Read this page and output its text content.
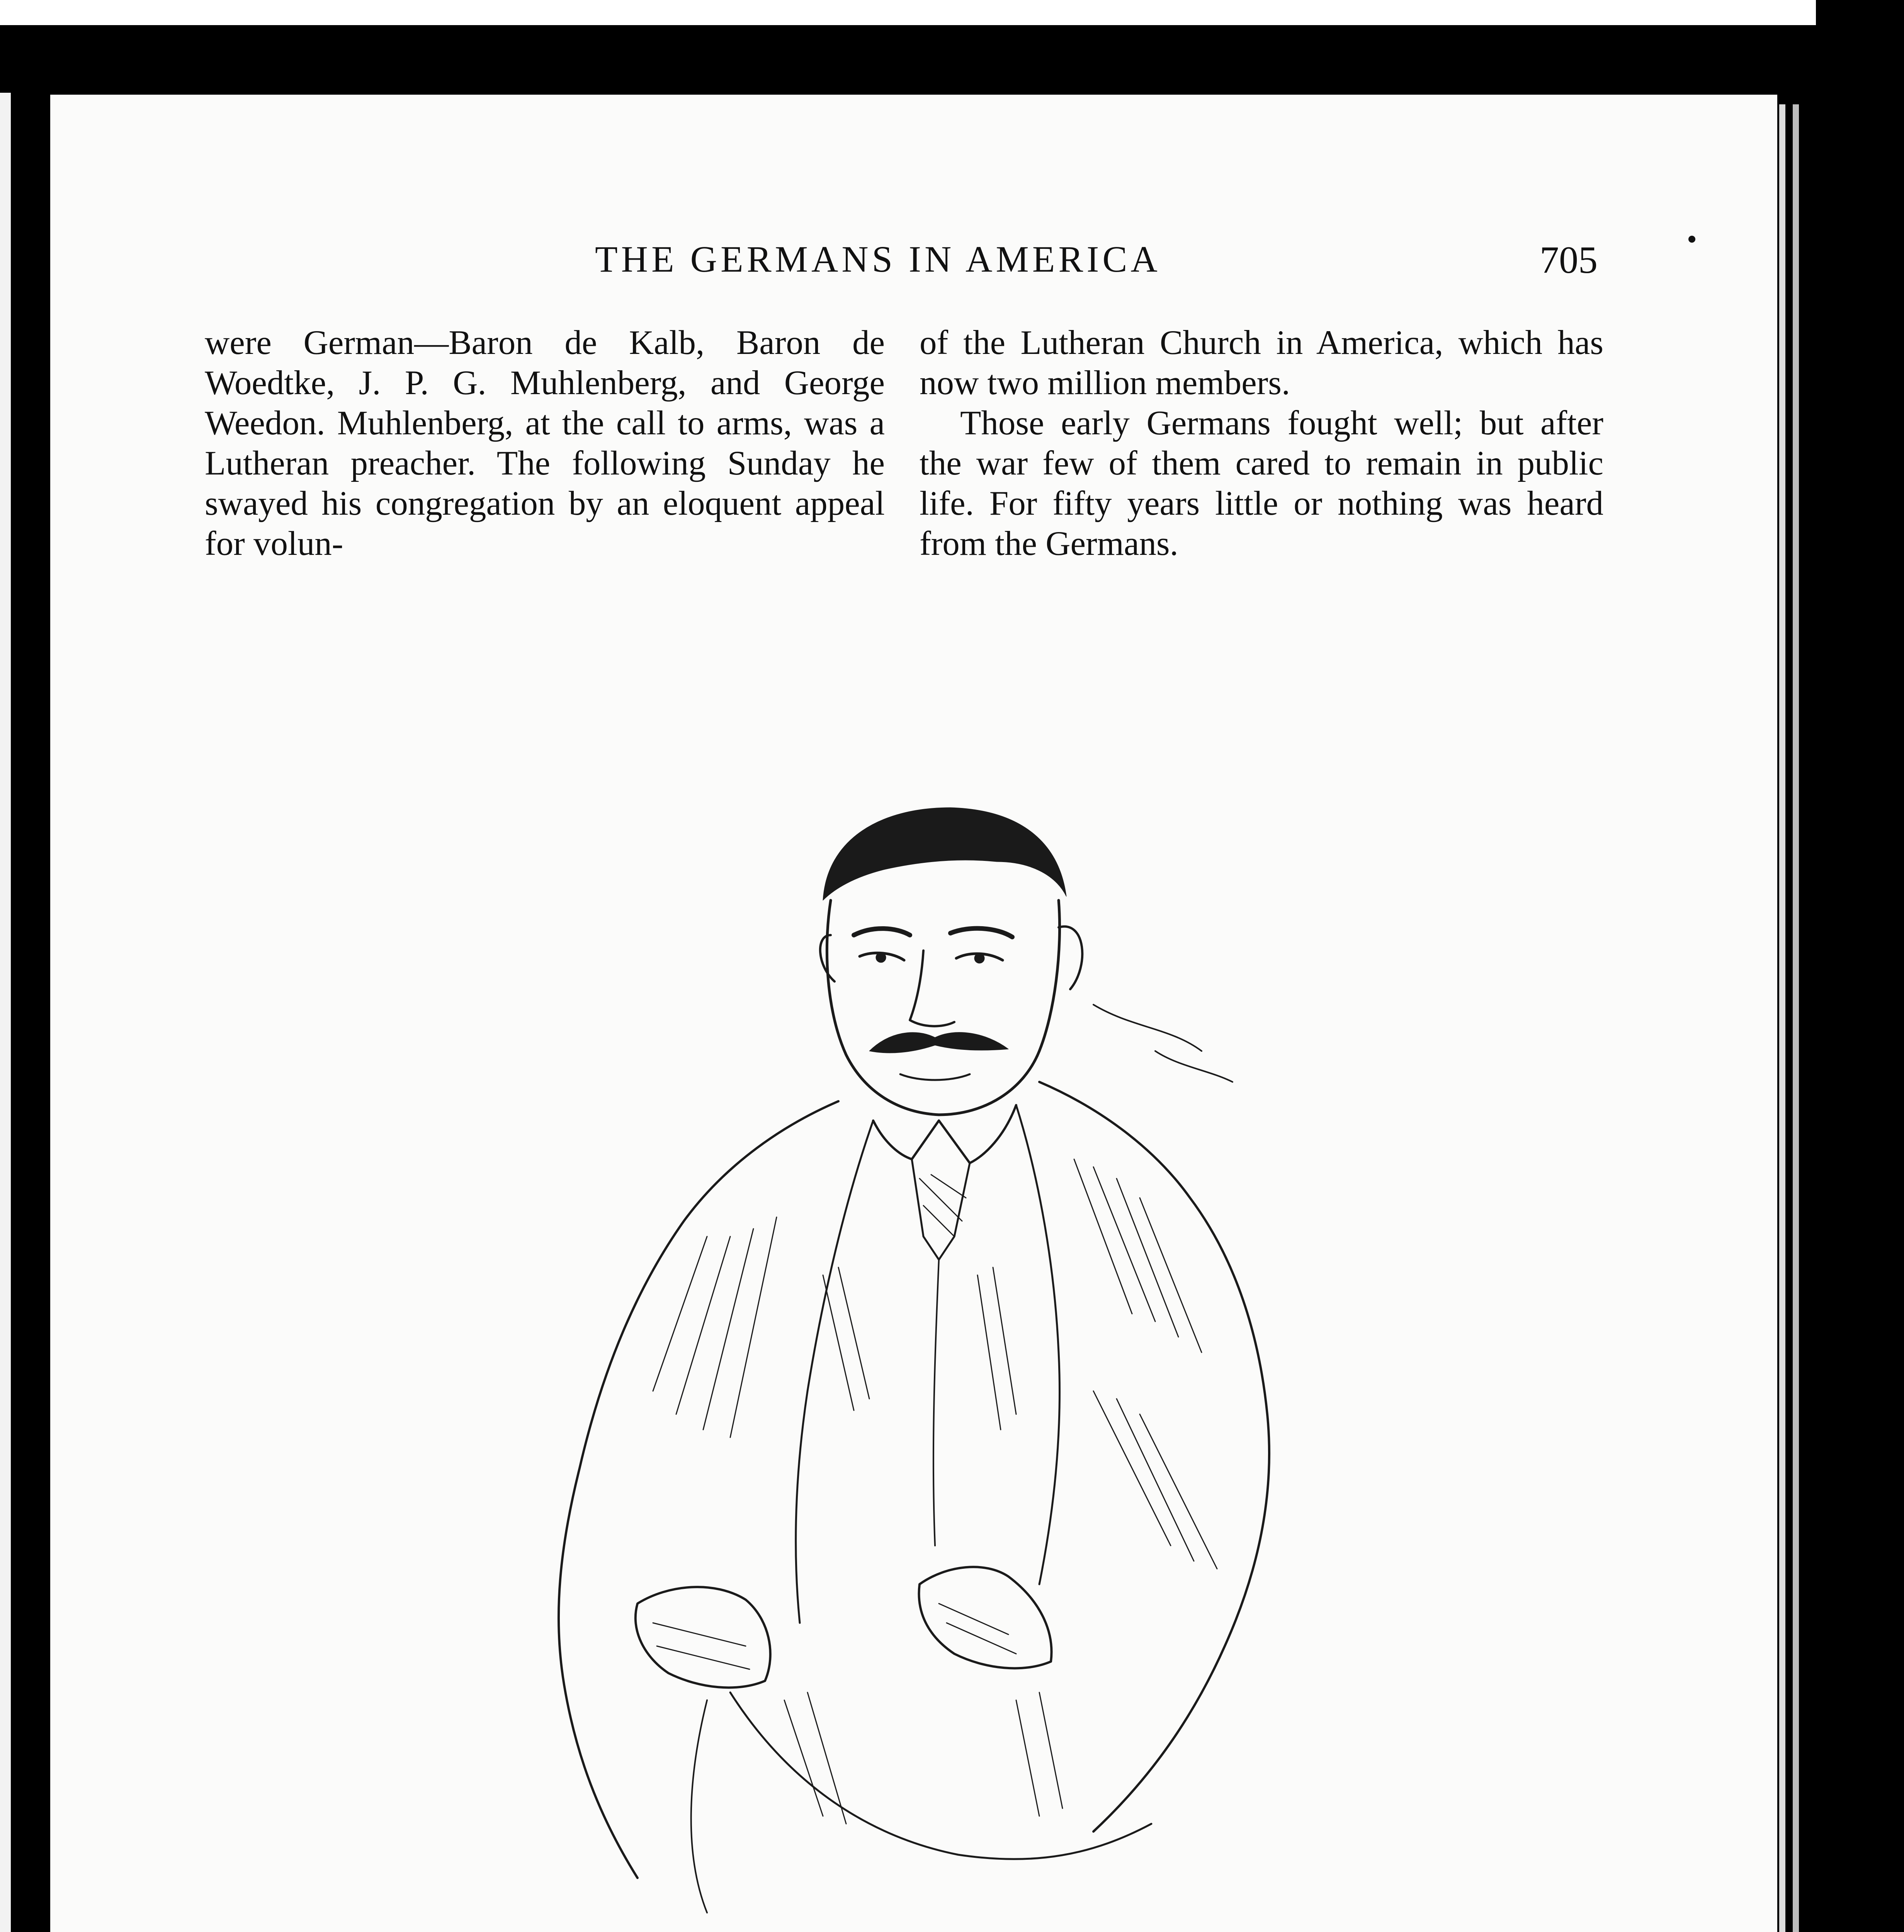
THE GERMANS IN AMERICA	705

were German—Baron de Kalb, Baron de Woedtke, J. P. G. Muhlenberg, and George Weedon. Muhlenberg, at the call to arms, was a Lutheran preacher. The following Sunday he swayed his congregation by an eloquent appeal for volun-

of the Lutheran Church in America, which has now two million members.

Those early Germans fought well; but after the war few of them cared to remain in public life. For fifty years little or nothing was heard from the Germans.
